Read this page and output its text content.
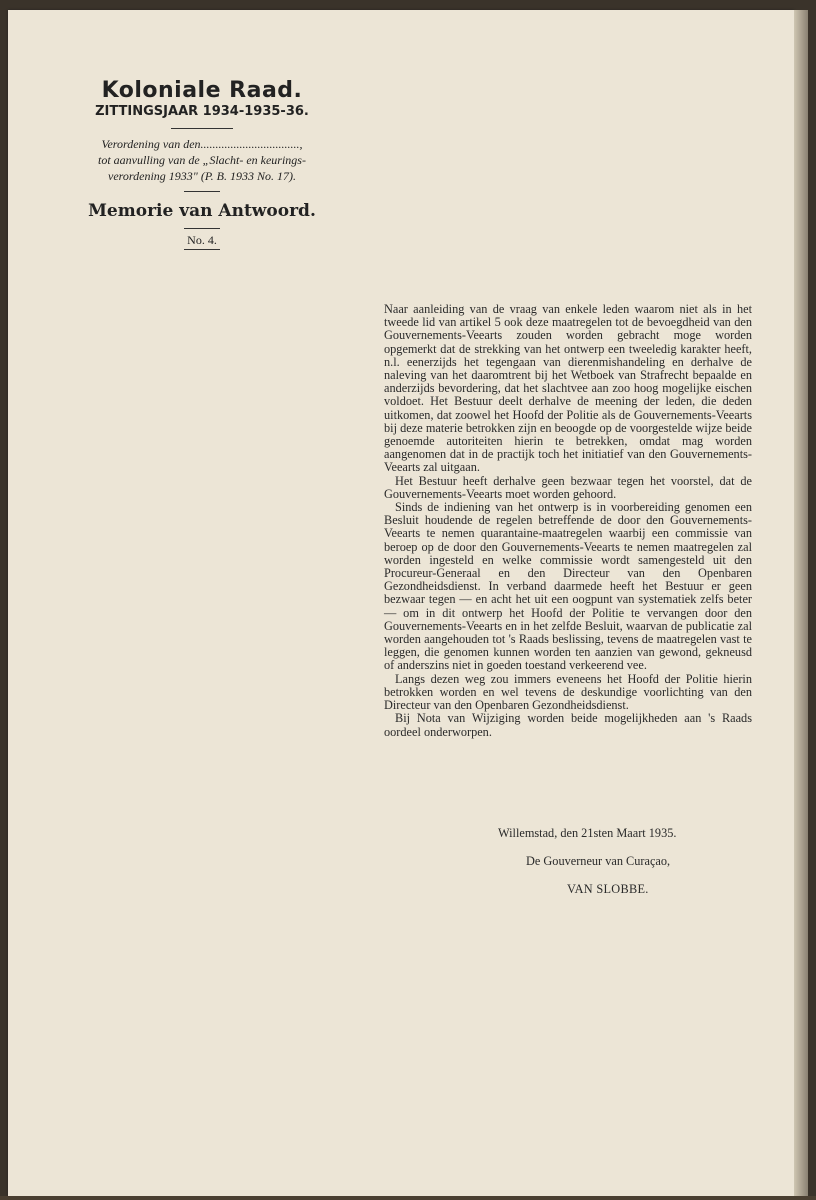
Koloniale Raad.
ZITTINGSJAAR 1934-1935-36.
Verordening van den.................................,
tot aanvulling van de „Slacht- en keurings-
verordening 1933" (P. B. 1933 No. 17).
Memorie van Antwoord.
No. 4.

Naar aanleiding van de vraag van enkele leden waarom niet als in het tweede lid van artikel 5 ook deze maatregelen tot de bevoegdheid van den Gouvernements-Veearts zouden worden gebracht moge worden opgemerkt dat de strekking van het ontwerp een tweeledig karakter heeft, n.l. eenerzijds het tegengaan van dierenmishandeling en derhalve de naleving van het daaromtrent bij het Wetboek van Strafrecht bepaalde en anderzijds bevordering, dat het slachtvee aan zoo hoog mogelijke eischen voldoet. Het Bestuur deelt derhalve de meening der leden, die deden uitkomen, dat zoowel het Hoofd der Politie als de Gouvernements-Veearts bij deze materie betrokken zijn en beoogde op de voorgestelde wijze beide genoemde autoriteiten hierin te betrekken, omdat mag worden aangenomen dat in de practijk toch het initiatief van den Gouvernements-Veearts zal uitgaan.

Het Bestuur heeft derhalve geen bezwaar tegen het voorstel, dat de Gouvernements-Veearts moet worden gehoord.

Sinds de indiening van het ontwerp is in voorbereiding genomen een Besluit houdende de regelen betreffende de door den Gouvernements-Veearts te nemen quarantaine-maatregelen waarbij een commissie van beroep op de door den Gouvernements-Veearts te nemen maatregelen zal worden ingesteld en welke commissie wordt samengesteld uit den Procureur-Generaal en den Directeur van den Openbaren Gezondheidsdienst. In verband daarmede heeft het Bestuur er geen bezwaar tegen — en acht het uit een oogpunt van systematiek zelfs beter — om in dit ontwerp het Hoofd der Politie te vervangen door den Gouvernements-Veearts en in het zelfde Besluit, waarvan de publicatie zal worden aangehouden tot 's Raads beslissing, tevens de maatregelen vast te leggen, die genomen kunnen worden ten aanzien van gewond, gekneusd of anderszins niet in goeden toestand verkeerend vee.

Langs dezen weg zou immers eveneens het Hoofd der Politie hierin betrokken worden en wel tevens de deskundige voorlichting van den Directeur van den Openbaren Gezondheidsdienst.

Bij Nota van Wijziging worden beide mogelijkheden aan 's Raads oordeel onderworpen.

Willemstad, den 21sten Maart 1935.
De Gouverneur van Curaçao,
VAN SLOBBE.
